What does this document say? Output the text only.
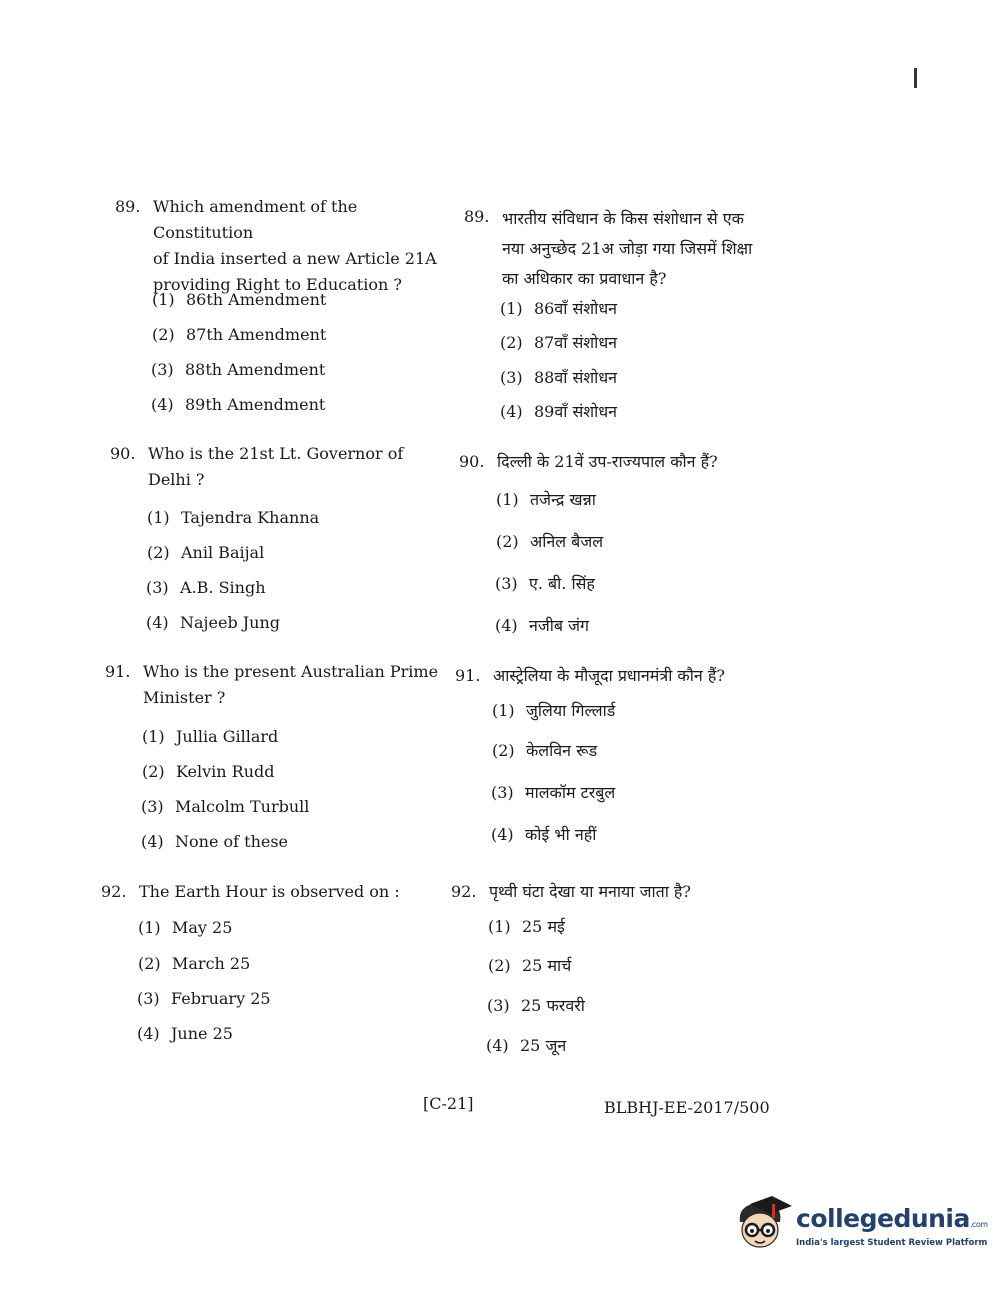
89. Which amendment of the Constitution
of India inserted a new Article 21A
providing Right to Education ?
(1) 86th Amendment
(2) 87th Amendment
(3) 88th Amendment
(4) 89th Amendment
89. भारतीय संविधान के किस संशोधान से एक
नया अनुच्छेद 21अ जोड़ा गया जिसमें शिक्षा
का अधिकार का प्रवाधान है?
(1) 86वाँ संशोधन
(2) 87वाँ संशोधन
(3) 88वाँ संशोधन
(4) 89वाँ संशोधन
90. Who is the 21st Lt. Governor of
Delhi ?
(1) Tajendra Khanna
(2) Anil Baijal
(3) A.B. Singh
(4) Najeeb Jung
90. दिल्ली के 21वें उप-राज्यपाल कौन हैं?
(1) तजेन्द्र खन्ना
(2) अनिल बैजल
(3) ए. बी. सिंह
(4) नजीब जंग
91. Who is the present Australian Prime
Minister ?
(1) Jullia Gillard
(2) Kelvin Rudd
(3) Malcolm Turbull
(4) None of these
91. आस्ट्रेलिया के मौजूदा प्रधानमंत्री कौन हैं?
(1) जुलिया गिल्लार्ड
(2) केलविन रूड
(3) मालकॉम टरबुल
(4) कोई भी नहीं
92. The Earth Hour is observed on :
(1) May 25
(2) March 25
(3) February 25
(4) June 25
92. पृथ्वी घंटा देखा या मनाया जाता है?
(1) 25 मई
(2) 25 मार्च
(3) 25 फरवरी
(4) 25 जून
[C-21]	BLBHJ-EE-2017/500
collegedunia.com
India's largest Student Review Platform
